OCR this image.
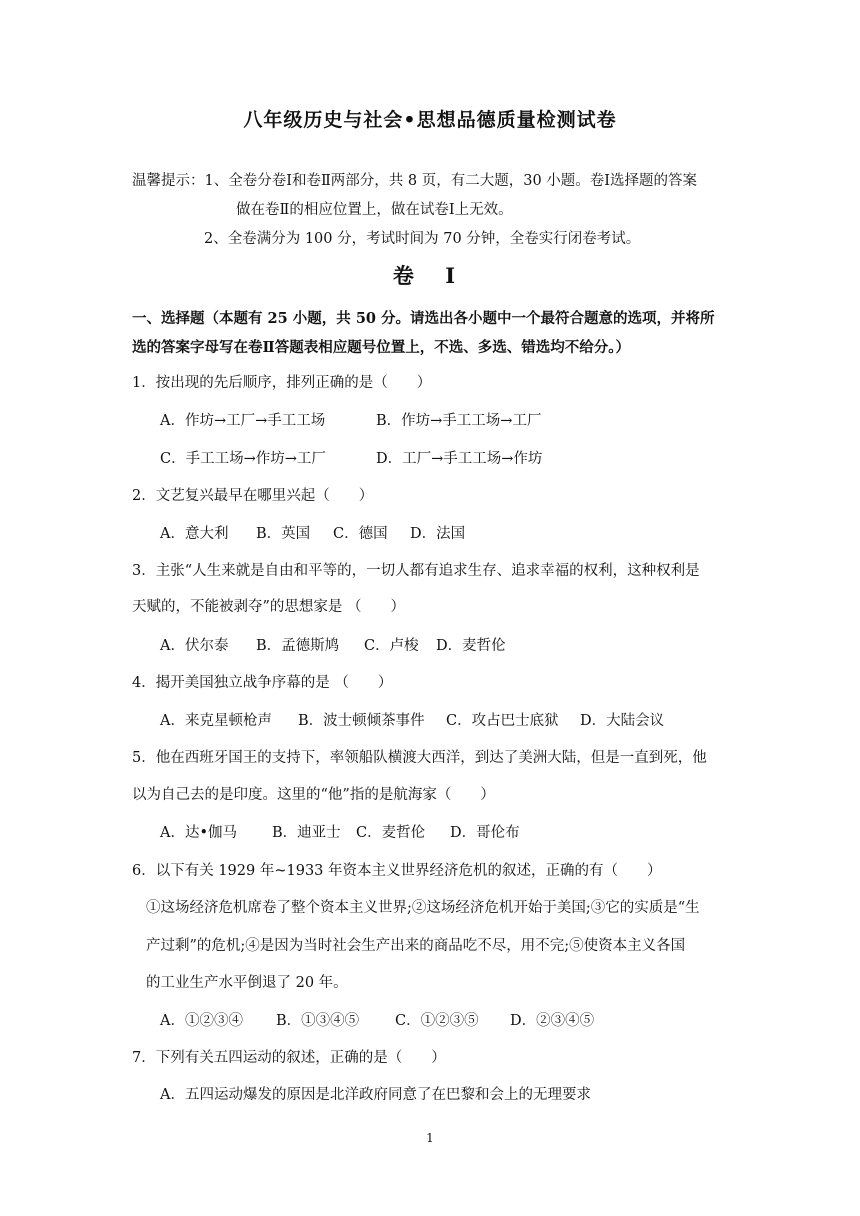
八年级历史与社会•思想品德质量检测试卷
温馨提示：1、全卷分卷Ⅰ和卷Ⅱ两部分，共 8 页，有二大题，30 小题。卷Ⅰ选择题的答案
做在卷Ⅱ的相应位置上，做在试卷Ⅰ上无效。
2、全卷满分为 100 分，考试时间为 70 分钟，全卷实行闭卷考试。
卷 Ⅰ
一、选择题（本题有 25 小题，共 50 分。请选出各小题中一个最符合题意的选项，并将所
选的答案字母写在卷Ⅱ答题表相应题号位置上，不选、多选、错选均不给分。）
1．按出现的先后顺序，排列正确的是（　　）
A．作坊→工厂→手工工场	B．作坊→手工工场→工厂
C．手工工场→作坊→工厂	D．工厂→手工工场→作坊
2．文艺复兴最早在哪里兴起（　　）
A．意大利 B．英国 C．德国 D．法国
3．主张“人生来就是自由和平等的，一切人都有追求生存、追求幸福的权利，这种权利是
天赋的，不能被剥夺”的思想家是 （　　）
A．伏尔泰 B．孟德斯鸠 C．卢梭 D．麦哲伦
4．揭开美国独立战争序幕的是 （　　）
A．来克星顿枪声 B．波士顿倾茶事件 C．攻占巴士底狱 D．大陆会议
5．他在西班牙国王的支持下，率领船队横渡大西洋，到达了美洲大陆，但是一直到死，他
以为自己去的是印度。这里的“他”指的是航海家（　　）
A．达•伽马 B．迪亚士 C．麦哲伦 D．哥伦布
6．以下有关 1929 年~1933 年资本主义世界经济危机的叙述，正确的有（　　）
①这场经济危机席卷了整个资本主义世界;②这场经济危机开始于美国;③它的实质是“生
产过剩”的危机;④是因为当时社会生产出来的商品吃不尽，用不完;⑤使资本主义各国
的工业生产水平倒退了 20 年。
A．①②③④ B．①③④⑤ C．①②③⑤ D．②③④⑤
7．下列有关五四运动的叙述，正确的是（　　）
A．五四运动爆发的原因是北洋政府同意了在巴黎和会上的无理要求
1
